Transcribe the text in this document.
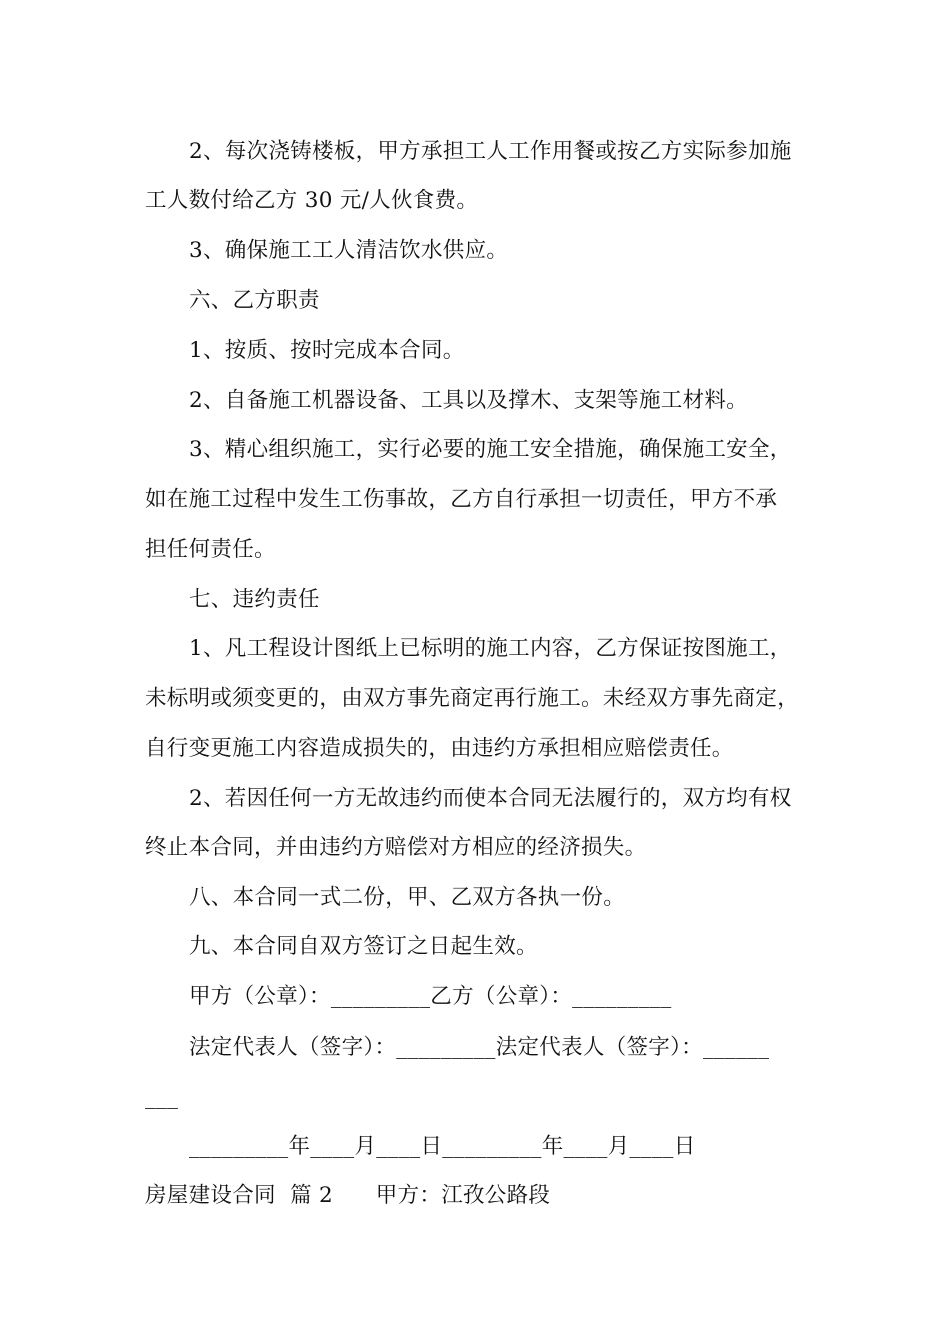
2、每次浇铸楼板，甲方承担工人工作用餐或按乙方实际参加施
工人数付给乙方 30 元/人伙食费。
3、确保施工工人清洁饮水供应。
六、乙方职责
1、按质、按时完成本合同。
2、自备施工机器设备、工具以及撑木、支架等施工材料。
3、精心组织施工，实行必要的施工安全措施，确保施工安全，
如在施工过程中发生工伤事故，乙方自行承担一切责任，甲方不承
担任何责任。
七、违约责任
1、凡工程设计图纸上已标明的施工内容，乙方保证按图施工，
未标明或须变更的，由双方事先商定再行施工。未经双方事先商定，
自行变更施工内容造成损失的，由违约方承担相应赔偿责任。
2、若因任何一方无故违约而使本合同无法履行的，双方均有权
终止本合同，并由违约方赔偿对方相应的经济损失。
八、本合同一式二份，甲、乙双方各执一份。
九、本合同自双方签订之日起生效。
甲方（公章）：_________乙方（公章）：_________
法定代表人（签字）：_________法定代表人（签字）：______
___
_________年____月____日_________年____月____日
房屋建设合同  篇 2      甲方：江孜公路段
